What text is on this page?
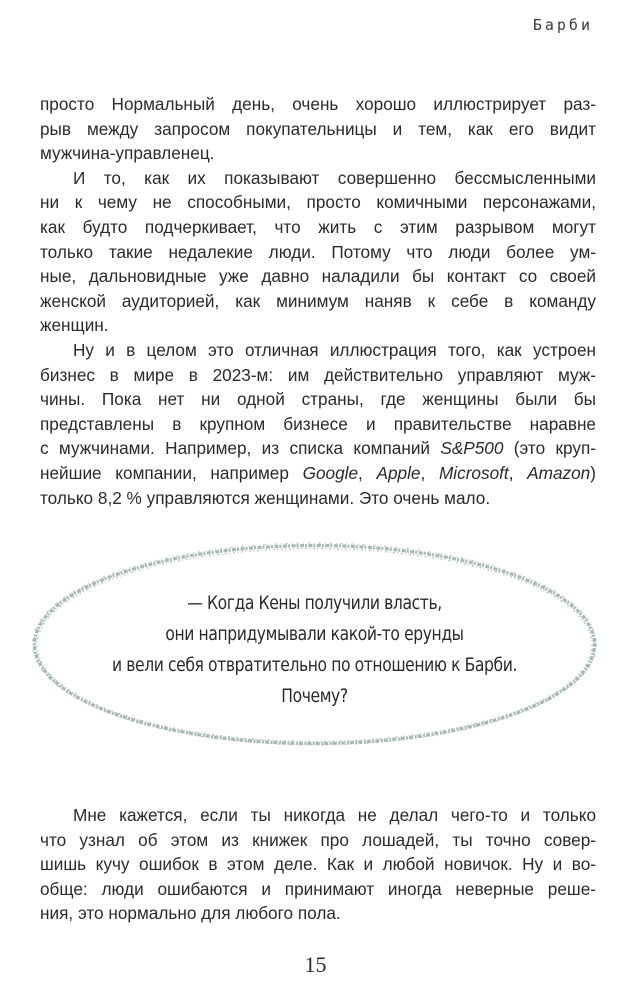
Барби
просто Нормальный день, очень хорошо иллюстрирует раз-
рыв между запросом покупательницы и тем, как его видит
мужчина-управленец.
И то, как их показывают совершенно бессмысленными
ни к чему не способными, просто комичными персонажами,
как будто подчеркивает, что жить с этим разрывом могут
только такие недалекие люди. Потому что люди более ум-
ные, дальновидные уже давно наладили бы контакт со своей
женской аудиторией, как минимум наняв к себе в команду
женщин.
Ну и в целом это отличная иллюстрация того, как устроен
бизнес в мире в 2023-м: им действительно управляют муж-
чины. Пока нет ни одной страны, где женщины были бы
представлены в крупном бизнесе и правительстве наравне
с мужчинами. Например, из списка компаний S&P500 (это круп-
нейшие компании, например Google, Apple, Microsoft, Amazon)
только 8,2 % управляются женщинами. Это очень мало.
— Когда Кены получили власть,
они напридумывали какой-то ерунды
и вели себя отвратительно по отношению к Барби.
Почему?
Мне кажется, если ты никогда не делал чего-то и только
что узнал об этом из книжек про лошадей, ты точно совер-
шишь кучу ошибок в этом деле. Как и любой новичок. Ну и во-
обще: люди ошибаются и принимают иногда неверные реше-
ния, это нормально для любого пола.
15
